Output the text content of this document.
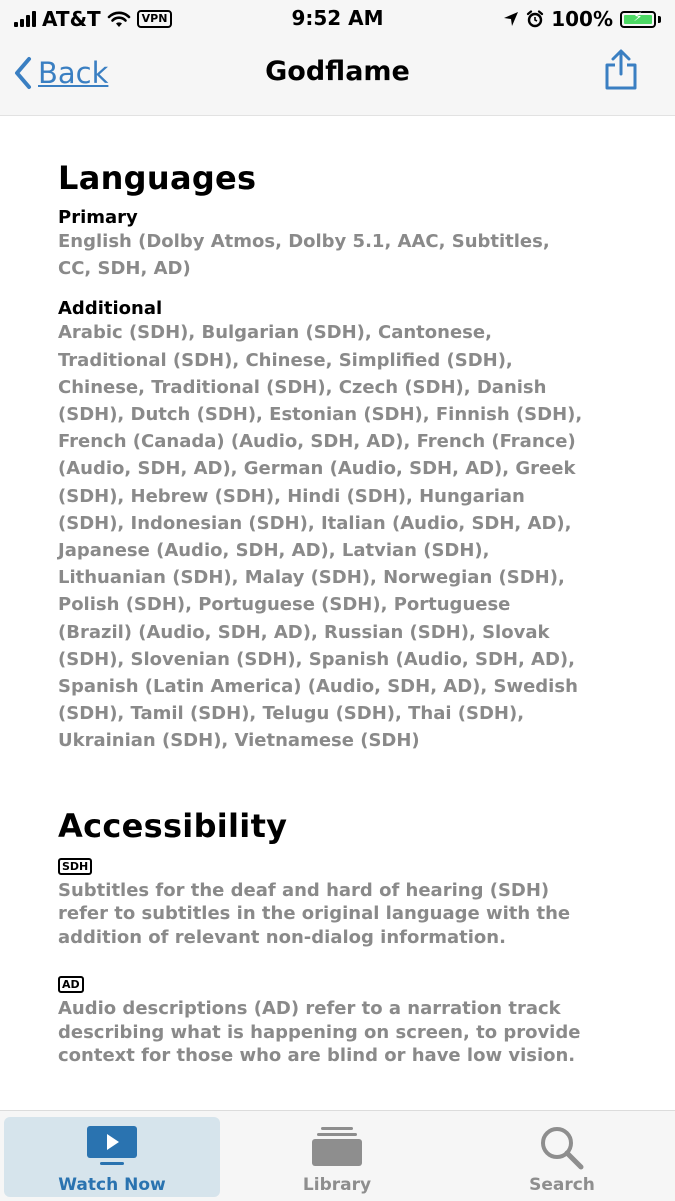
AT&T	VPN	9:52 AM	100%	⚡
Back	Godflame
Languages

Primary

English (Dolby Atmos, Dolby 5.1, AAC, Subtitles,

CC, SDH, AD)

Additional

Arabic (SDH), Bulgarian (SDH), Cantonese,

Traditional (SDH), Chinese, Simplified (SDH),

Chinese, Traditional (SDH), Czech (SDH), Danish

(SDH), Dutch (SDH), Estonian (SDH), Finnish (SDH),

French (Canada) (Audio, SDH, AD), French (France)

(Audio, SDH, AD), German (Audio, SDH, AD), Greek

(SDH), Hebrew (SDH), Hindi (SDH), Hungarian

(SDH), Indonesian (SDH), Italian (Audio, SDH, AD),

Japanese (Audio, SDH, AD), Latvian (SDH),

Lithuanian (SDH), Malay (SDH), Norwegian (SDH),

Polish (SDH), Portuguese (SDH), Portuguese

(Brazil) (Audio, SDH, AD), Russian (SDH), Slovak

(SDH), Slovenian (SDH), Spanish (Audio, SDH, AD),

Spanish (Latin America) (Audio, SDH, AD), Swedish

(SDH), Tamil (SDH), Telugu (SDH), Thai (SDH),

Ukrainian (SDH), Vietnamese (SDH)

Accessibility
SDH

Subtitles for the deaf and hard of hearing (SDH)

refer to subtitles in the original language with the

addition of relevant non-dialog information.

AD

Audio descriptions (AD) refer to a narration track

describing what is happening on screen, to provide

context for those who are blind or have low vision.

Watch Now	Library	Search
